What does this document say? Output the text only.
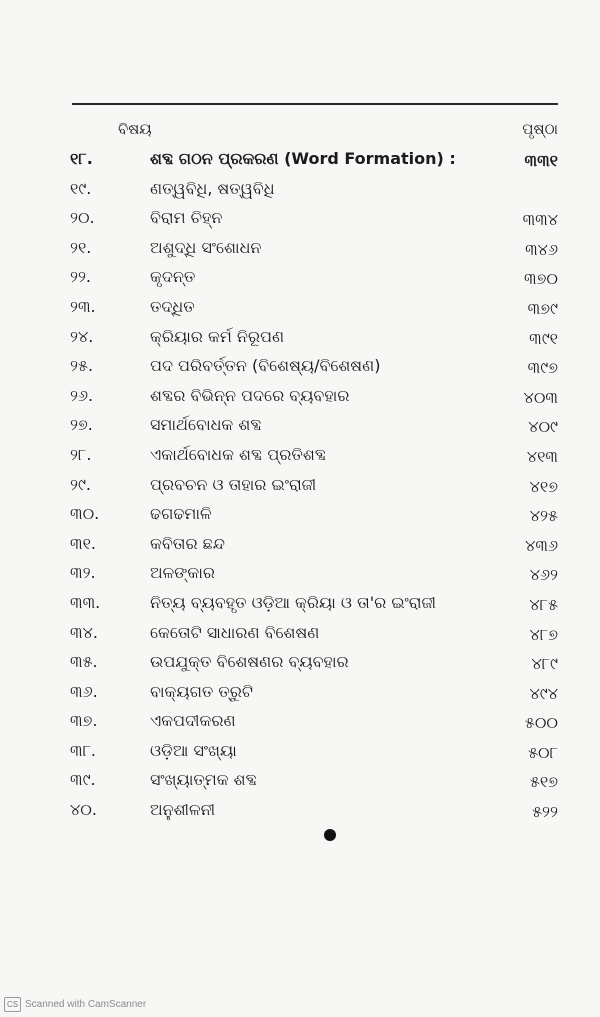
ବିଷୟ	ପୃଷ୍ଠା
୧୮.	ଶବ୍ଦ ଗଠନ ପ୍ରକରଣ (Word Formation) :	୩୩୧
୧୯.	ଣତ୍ୱବିଧି, ଷତ୍ୱବିଧି
୨୦.	ବିରାମ ଚିହ୍ନ	୩୩୪
୨୧.	ଅଶୁଦ୍ଧି ସଂଶୋଧନ	୩୪୬
୨୨.	କୃଦନ୍ତ	୩୭୦
୨୩.	ତଦ୍ଧିତ	୩୭୯
୨୪.	କ୍ରିୟାର କର୍ମ ନିରୂପଣ	୩୯୧
୨୫.	ପଦ ପରିବର୍ତ୍ତନ (ବିଶେଷ୍ୟ/ବିଶେଷଣ)	୩୯୭
୨୬.	ଶବ୍ଦର ବିଭିନ୍ନ ପଦରେ ବ୍ୟବହାର	୪୦୩
୨୭.	ସମାର୍ଥବୋଧକ ଶବ୍ଦ	୪୦୯
୨୮.	ଏକାର୍ଥବୋଧକ ଶବ୍ଦ ପ୍ରତିଶବ୍ଦ	୪୧୩
୨୯.	ପ୍ରବଚନ ଓ ତାହାର ଇଂରାଜୀ	୪୧୭
୩୦.	ଢଗଢମାଳି	୪୨୫
୩୧.	କବିତାର ଛନ୍ଦ	୪୩୬
୩୨.	ଅଳଙ୍କାର	୪୬୨
୩୩.	ନିତ୍ୟ ବ୍ୟବହୃତ ଓଡ଼ିଆ କ୍ରିୟା ଓ ତା'ର ଇଂରାଜୀ	୪୮୫
୩୪.	କେତୋଟି ସାଧାରଣ ବିଶେଷଣ	୪୮୭
୩୫.	ଉପଯୁକ୍ତ ବିଶେଷଣର ବ୍ୟବହାର	୪୮୯
୩୬.	ବାକ୍ୟଗତ ତ୍ରୁଟି	୪୯୪
୩୭.	ଏକପଦୀକରଣ	୫୦୦
୩୮.	ଓଡ଼ିଆ ସଂଖ୍ୟା	୫୦୮
୩୯.	ସଂଖ୍ୟାତ୍ମକ ଶବ୍ଦ	୫୧୭
୪୦.	ଅନୁଶୀଳନୀ	୫୨୨
CS Scanned with CamScanner
